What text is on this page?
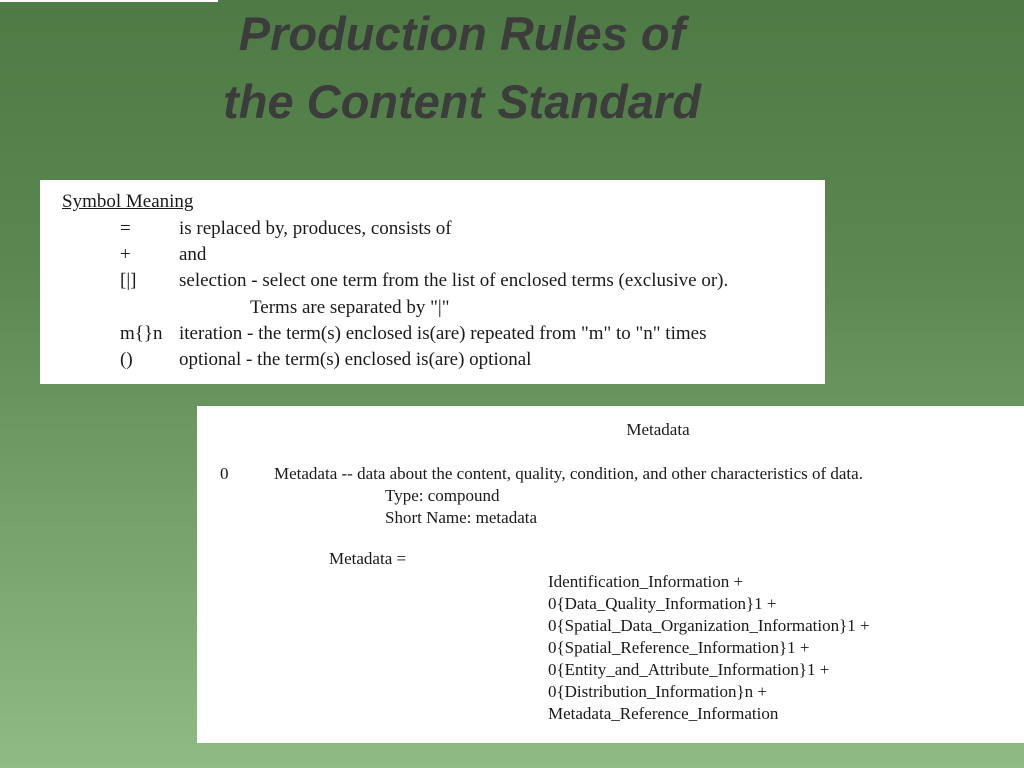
Production Rules of
the Content Standard
Symbol Meaning
=	is replaced by, produces, consists of
+	and
[|] selection - select one term from the list of enclosed terms (exclusive or).
Terms are separated by "|"
m{}n iteration - the term(s) enclosed is(are) repeated from "m" to "n" times
() optional - the term(s) enclosed is(are) optional
Metadata
0	Metadata -- data about the content, quality, condition, and other characteristics of data.
Type: compound
Short Name: metadata
Metadata =
Identification_Information +
0{Data_Quality_Information}1 +
0{Spatial_Data_Organization_Information}1 +
0{Spatial_Reference_Information}1 +
0{Entity_and_Attribute_Information}1 +
0{Distribution_Information}n +
Metadata_Reference_Information
